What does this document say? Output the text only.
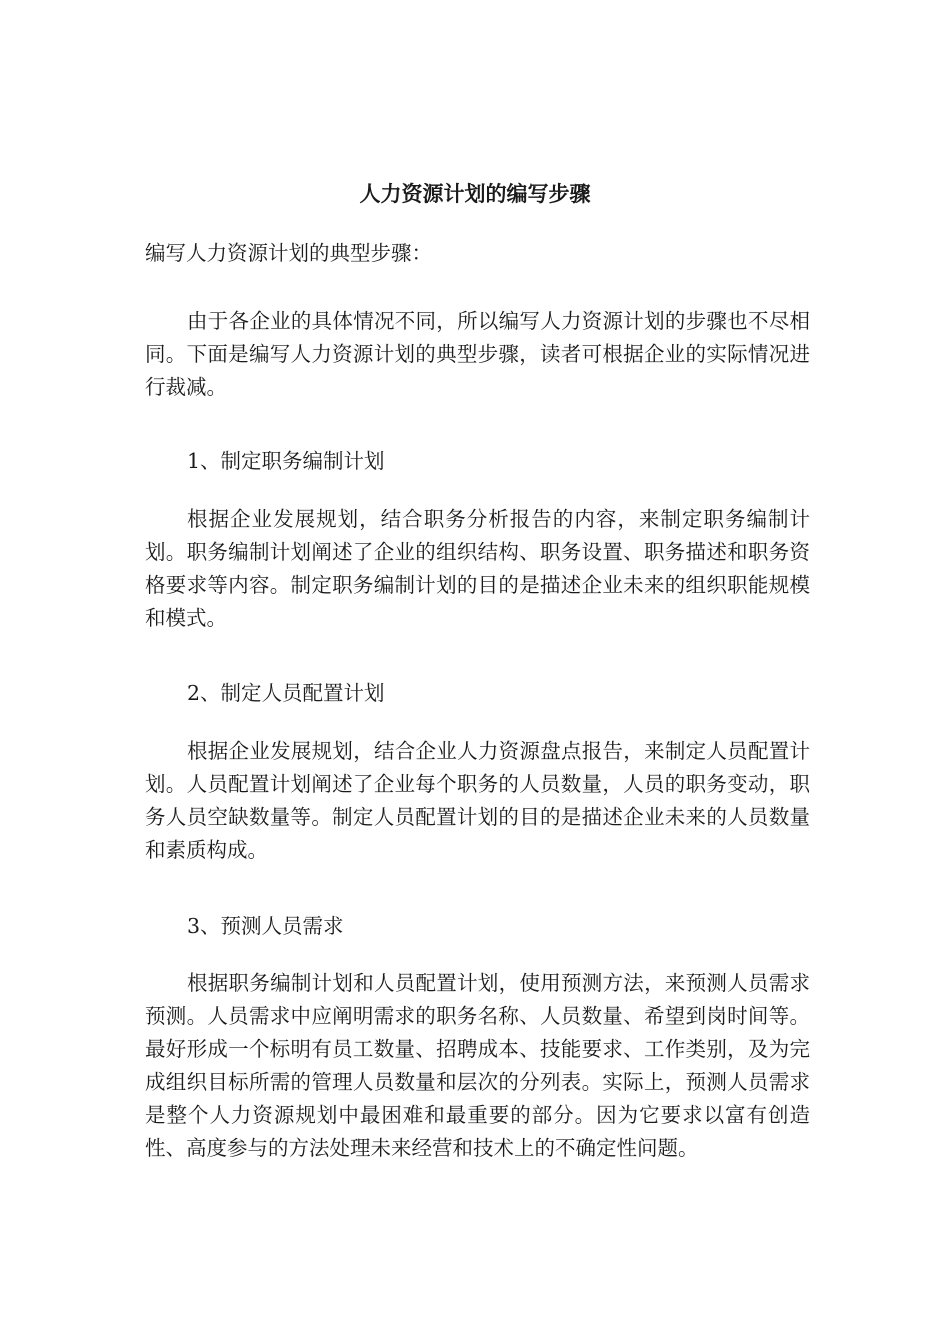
人力资源计划的编写步骤

编写人力资源计划的典型步骤：

由于各企业的具体情况不同，所以编写人力资源计划的步骤也不尽相同。下面是编写人力资源计划的典型步骤，读者可根据企业的实际情况进行裁减。

1、制定职务编制计划

根据企业发展规划，结合职务分析报告的内容，来制定职务编制计划。职务编制计划阐述了企业的组织结构、职务设置、职务描述和职务资格要求等内容。制定职务编制计划的目的是描述企业未来的组织职能规模和模式。

2、制定人员配置计划

根据企业发展规划，结合企业人力资源盘点报告，来制定人员配置计划。人员配置计划阐述了企业每个职务的人员数量，人员的职务变动，职务人员空缺数量等。制定人员配置计划的目的是描述企业未来的人员数量和素质构成。

3、预测人员需求

根据职务编制计划和人员配置计划，使用预测方法，来预测人员需求预测。人员需求中应阐明需求的职务名称、人员数量、希望到岗时间等。最好形成一个标明有员工数量、招聘成本、技能要求、工作类别，及为完成组织目标所需的管理人员数量和层次的分列表。实际上，预测人员需求是整个人力资源规划中最困难和最重要的部分。因为它要求以富有创造性、高度参与的方法处理未来经营和技术上的不确定性问题。
